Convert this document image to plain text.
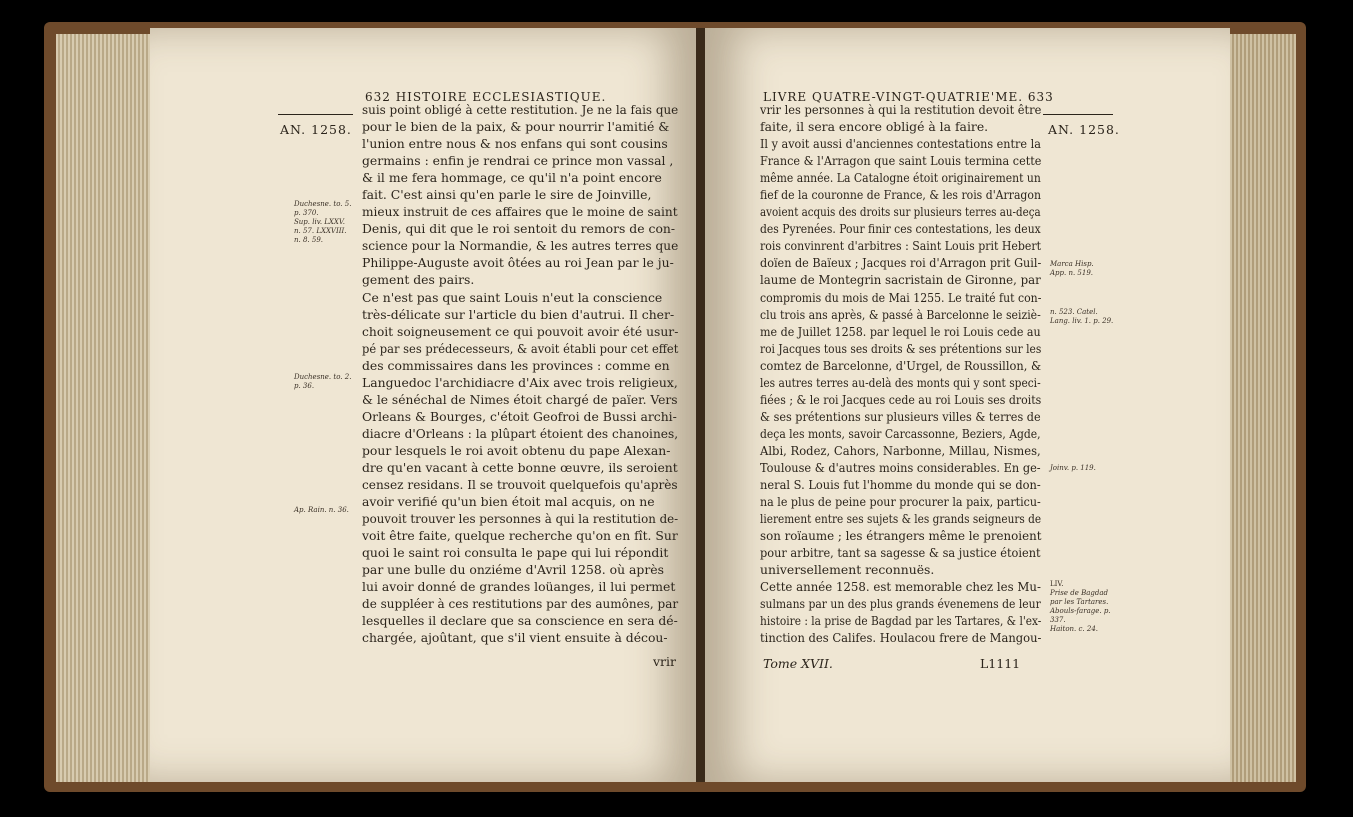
632 HISTOIRE ECCLESIASTIQUE.
AN. 1258.
Duchesne. to. 5.
p. 370.
Sup. liv. LXXV.
n. 57. LXXVIII.
n. 8. 59.
Duchesne. to. 2.
p. 36.
Ap. Rain. n. 36.
suis point obligé à cette restitution. Je ne la fais que
pour le bien de la paix, & pour nourrir l'amitié &
l'union entre nous & nos enfans qui sont cousins
germains : enfin je rendrai ce prince mon vassal ,
& il me fera hommage, ce qu'il n'a point encore
fait. C'est ainsi qu'en parle le sire de Joinville,
mieux instruit de ces affaires que le moine de saint
Denis, qui dit que le roi sentoit du remors de con-
science pour la Normandie, & les autres terres que
Philippe-Auguste avoit ôtées au roi Jean par le ju-
gement des pairs.
Ce n'est pas que saint Louis n'eut la conscience
très-délicate sur l'article du bien d'autrui. Il cher-
choit soigneusement ce qui pouvoit avoir été usur-
pé par ses prédecesseurs, & avoit établi pour cet effet
des commissaires dans les provinces : comme en
Languedoc l'archidiacre d'Aix avec trois religieux,
& le sénéchal de Nimes étoit chargé de païer. Vers
Orleans & Bourges, c'étoit Geofroi de Bussi archi-
diacre d'Orleans : la plûpart étoient des chanoines,
pour lesquels le roi avoit obtenu du pape Alexan-
dre qu'en vacant à cette bonne œuvre, ils seroient
censez residans. Il se trouvoit quelquefois qu'après
avoir verifié qu'un bien étoit mal acquis, on ne
pouvoit trouver les personnes à qui la restitution de-
voit être faite, quelque recherche qu'on en fît. Sur
quoi le saint roi consulta le pape qui lui répondit
par une bulle du onziéme d'Avril 1258. où après
lui avoir donné de grandes loüanges, il lui permet
de suppléer à ces restitutions par des aumônes, par
lesquelles il declare que sa conscience en sera dé-
chargée, ajoûtant, que s'il vient ensuite à décou-
vrir
LIVRE QUATRE-VINGT-QUATRIE'ME. 633
AN. 1258.
Marca Hisp.
App. n. 519.
n. 523. Catel.
Lang. liv. 1. p. 29.
Joinv. p. 119.
LIV.
Prise de Bagdad
par les Tartares.
Abouls-farage. p.
337.
Haiton. c. 24.
vrir les personnes à qui la restitution devoit être
faite, il sera encore obligé à la faire.
Il y avoit aussi d'anciennes contestations entre la
France & l'Arragon que saint Louis termina cette
même année. La Catalogne étoit originairement un
fief de la couronne de France, & les rois d'Arragon
avoient acquis des droits sur plusieurs terres au-deça
des Pyrenées. Pour finir ces contestations, les deux
rois convinrent d'arbitres : Saint Louis prit Hebert
doïen de Baïeux ; Jacques roi d'Arragon prit Guil-
laume de Montegrin sacristain de Gironne, par
compromis du mois de Mai 1255. Le traité fut con-
clu trois ans après, & passé à Barcelonne le seiziè-
me de Juillet 1258. par lequel le roi Louis cede au
roi Jacques tous ses droits & ses prétentions sur les
comtez de Barcelonne, d'Urgel, de Roussillon, &
les autres terres au-delà des monts qui y sont speci-
fiées ; & le roi Jacques cede au roi Louis ses droits
& ses prétentions sur plusieurs villes & terres de
deça les monts, savoir Carcassonne, Beziers, Agde,
Albi, Rodez, Cahors, Narbonne, Millau, Nismes,
Toulouse & d'autres moins considerables. En ge-
neral S. Louis fut l'homme du monde qui se don-
na le plus de peine pour procurer la paix, particu-
lierement entre ses sujets & les grands seigneurs de
son roïaume ; les étrangers même le prenoient
pour arbitre, tant sa sagesse & sa justice étoient
universellement reconnuës.
Cette année 1258. est memorable chez les Mu-
sulmans par un des plus grands évenemens de leur
histoire : la prise de Bagdad par les Tartares, & l'ex-
tinction des Califes. Houlacou frere de Mangou-
Tome XVII.	L1111
